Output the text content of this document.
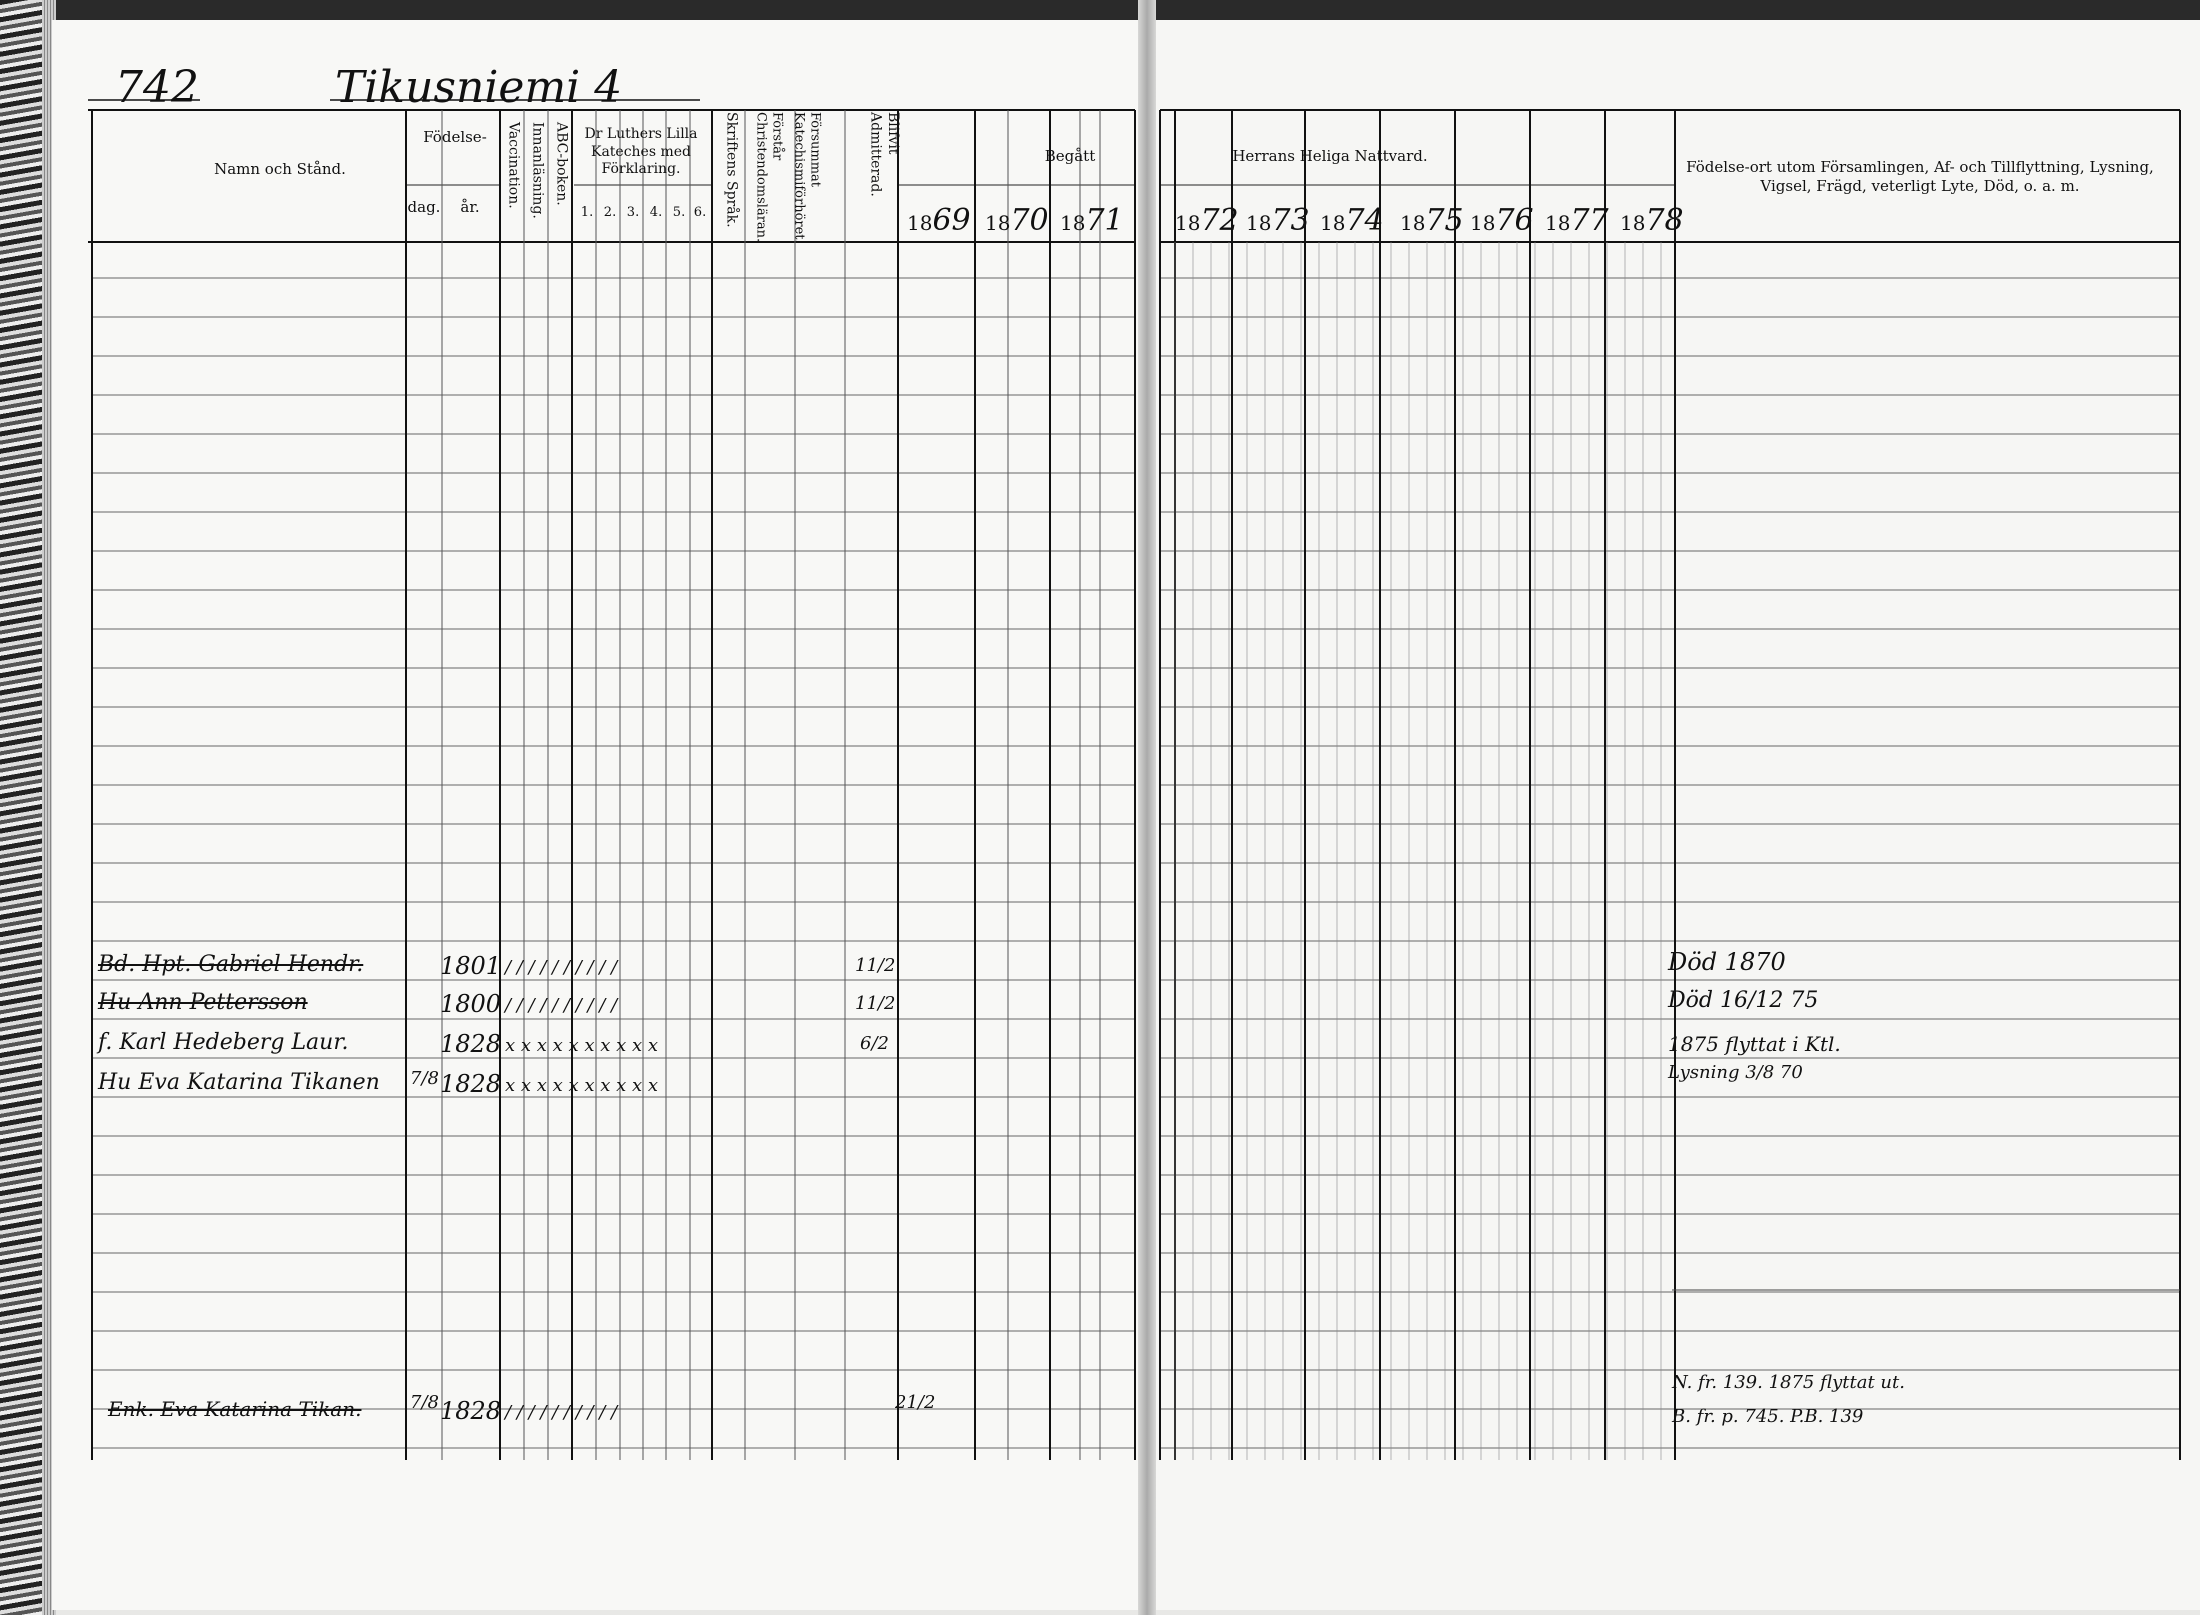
742	Tikusniemi 4
Namn och Stånd.
Födelse-
dag.	år.	Vaccination. Innanläsning. ABC-boken.	Dr Luthers Lilla Kateches med Förklaring.
1. 2. 3. 4. 5. 6. Skriftens Språk.	Förstår Christendomsläran.	Försummat Katechismiförhöret.	Blifvit Admitterad.	Begått	Herrans Heliga Nattvard.
Födelse-ort utom Församlingen, Af- och Tillflyttning, Lysning, Vigsel, Frägd, veterligt Lyte, Död, o. a. m.
1869 1870 1871	1872 1873 1874 1875 1876 1877 1878
Bd. Hpt. Gabriel Hendr.	1801 / / / / / / / / / /	11/2	Död 1870
Hu Ann Pettersson	1800 / / / / / / / / / /	11/2	Död 16/12 75
f. Karl Hedeberg Laur.	1828 x x x x x x x x x x	6/2	1875 flyttat i Ktl.
Lysning 3/8 70
Hu Eva Katarina Tikanen 7/8 1828 x x x x x x x x x x
Enk. Eva Katarina Tikan.	7/8 1828 / / / / / / / / / /	21/2
N. fr. 139. 1875 flyttat ut.
B. fr. p. 745. P.B. 139
